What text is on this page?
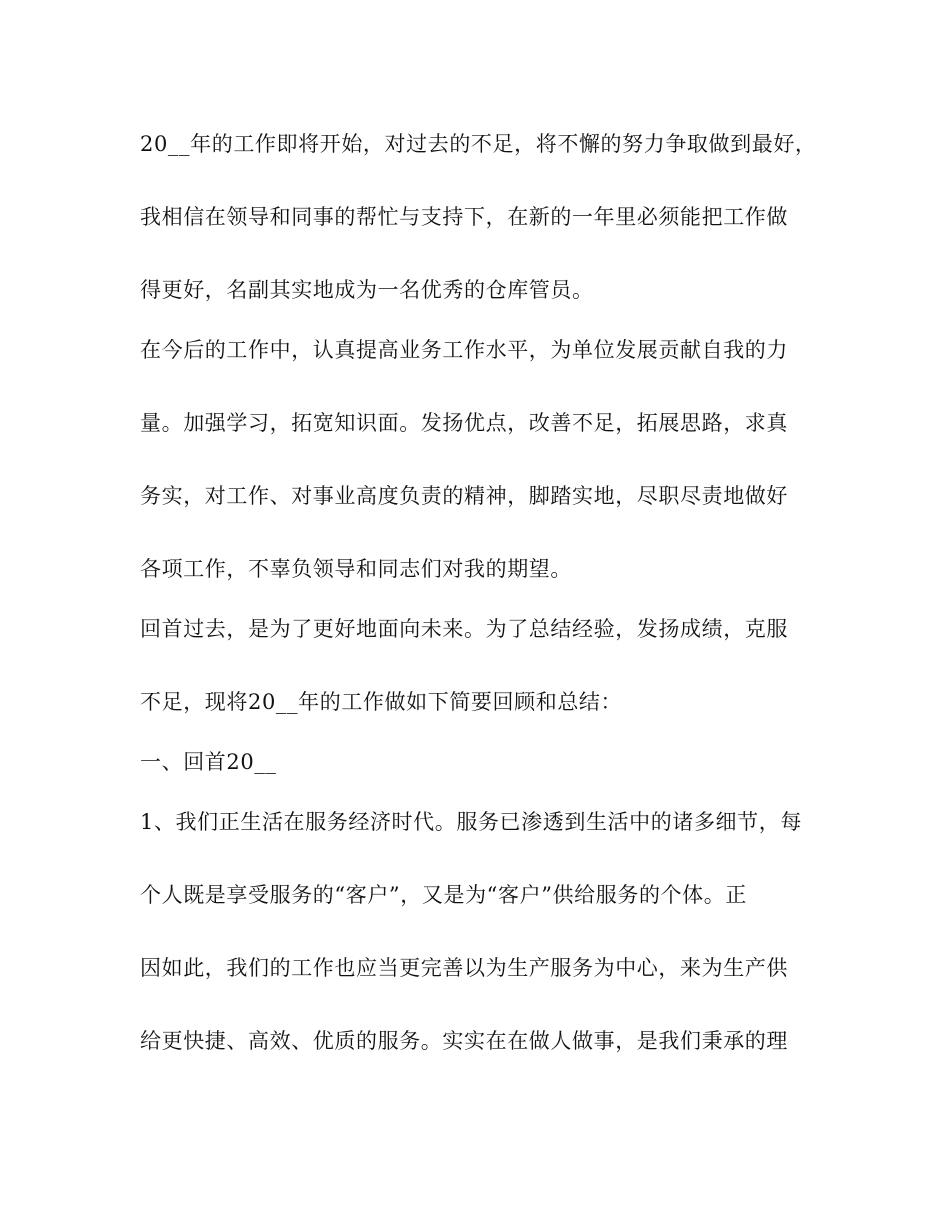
20__年的工作即将开始，对过去的不足，将不懈的努力争取做到最好，
我相信在领导和同事的帮忙与支持下，在新的一年里必须能把工作做
得更好，名副其实地成为一名优秀的仓库管员。
在今后的工作中，认真提高业务工作水平，为单位发展贡献自我的力
量。加强学习，拓宽知识面。发扬优点，改善不足，拓展思路，求真
务实，对工作、对事业高度负责的精神，脚踏实地，尽职尽责地做好
各项工作，不辜负领导和同志们对我的期望。
回首过去，是为了更好地面向未来。为了总结经验，发扬成绩，克服
不足，现将20__年的工作做如下简要回顾和总结：
一、回首20__
1、我们正生活在服务经济时代。服务已渗透到生活中的诸多细节，每
个人既是享受服务的“客户”，又是为“客户”供给服务的个体。正
因如此，我们的工作也应当更完善以为生产服务为中心，来为生产供
给更快捷、高效、优质的服务。实实在在做人做事，是我们秉承的理
